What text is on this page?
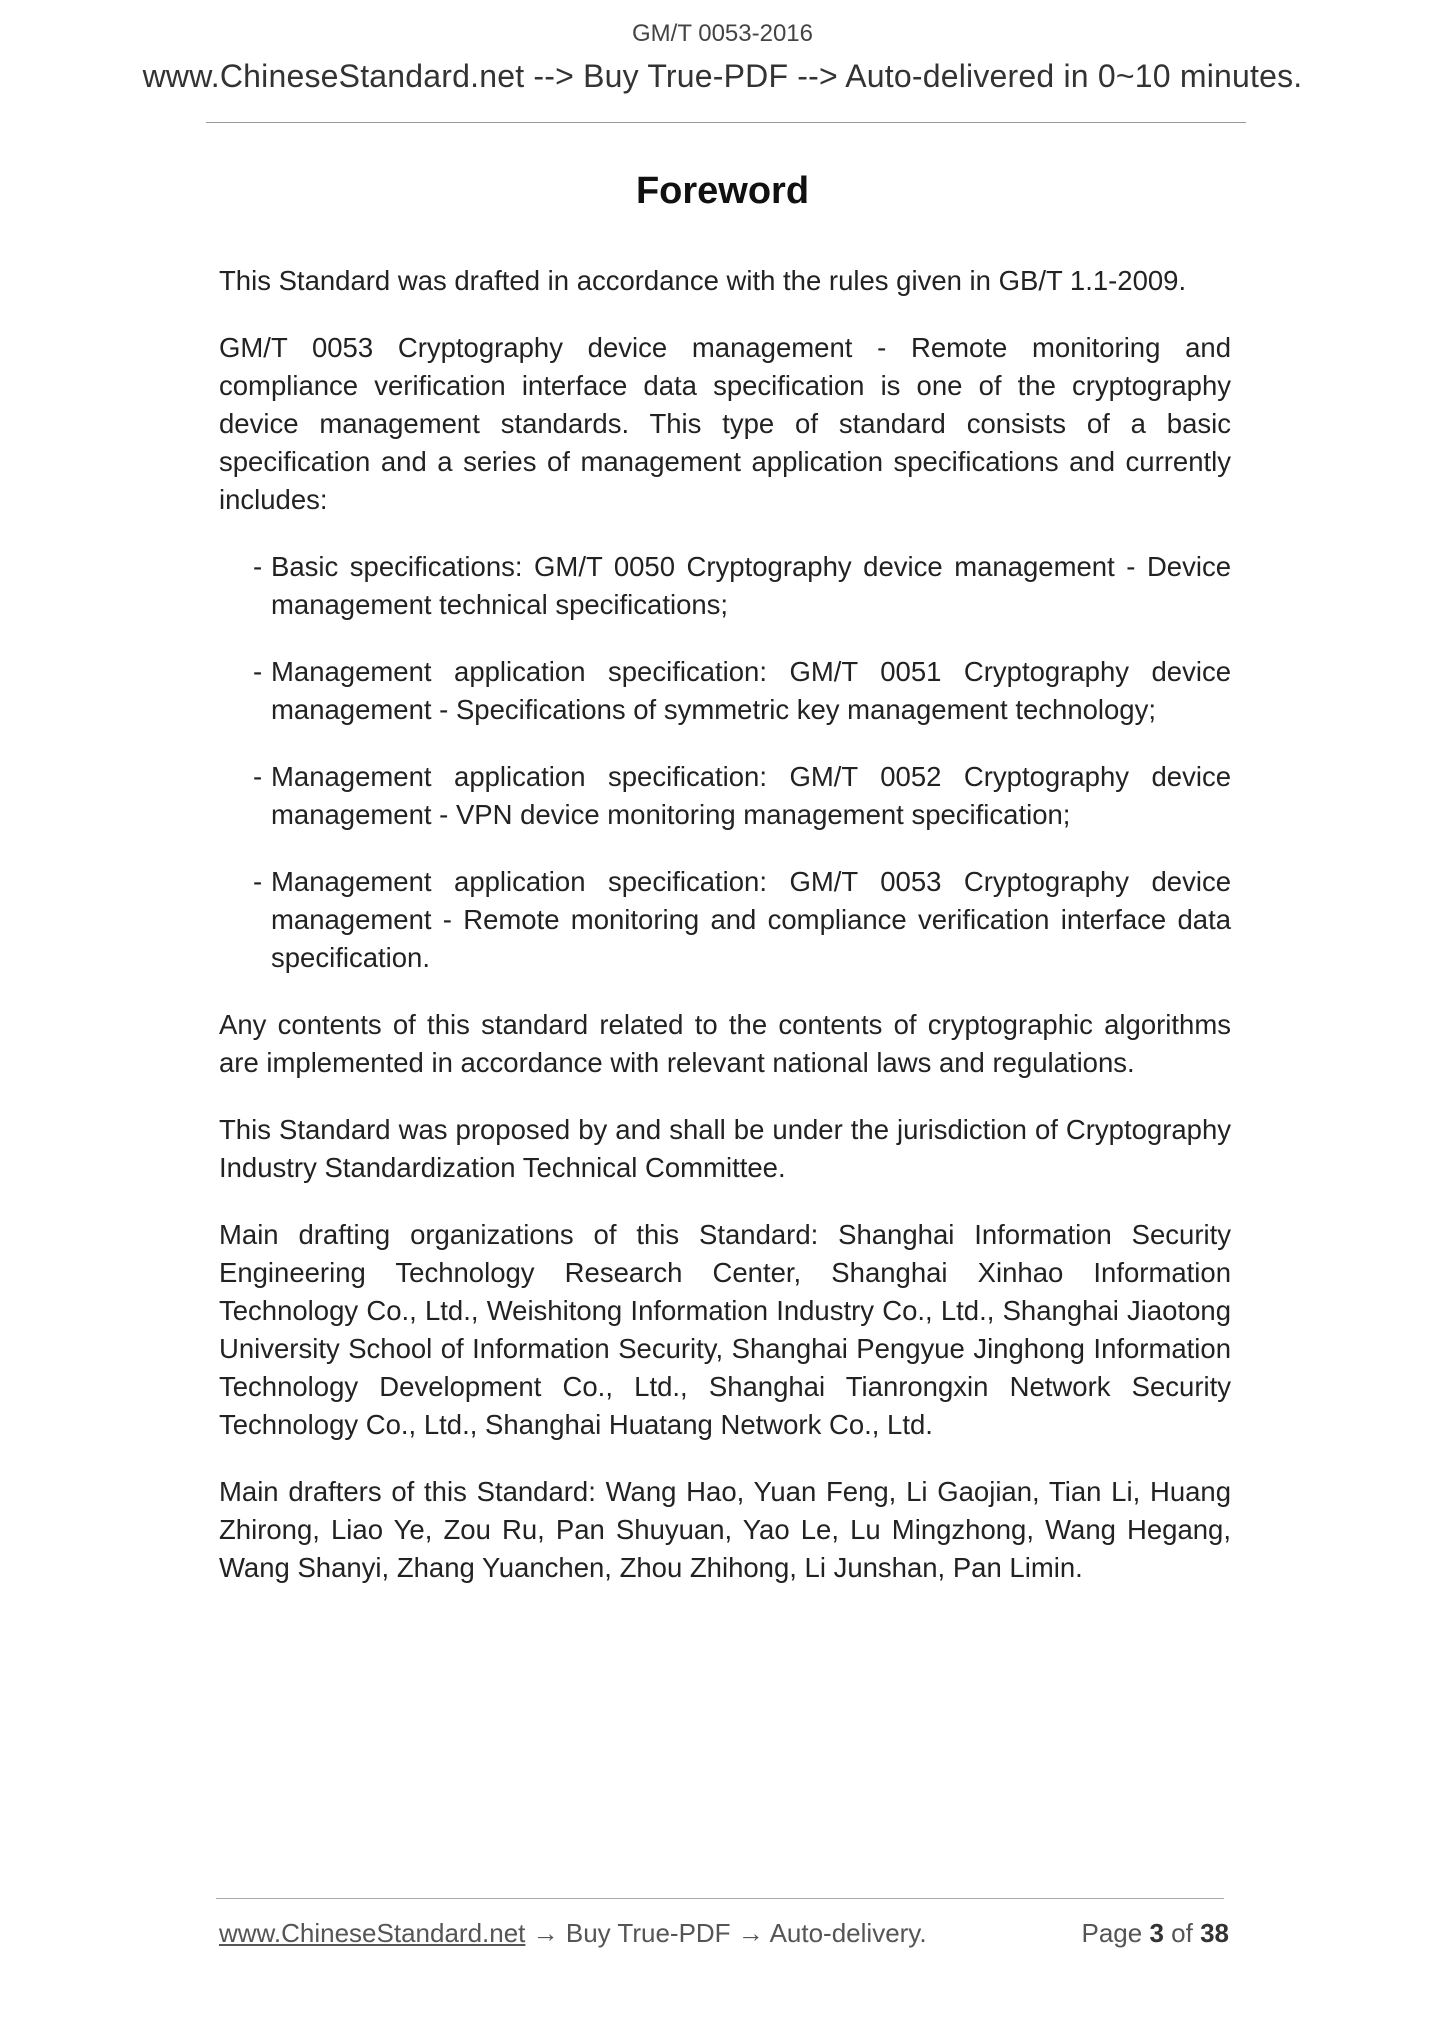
www.ChineseStandard.net --> Buy True-PDF --> Auto-delivered in 0~10 minutes.
GM/T 0053-2016
Foreword

This Standard was drafted in accordance with the rules given in GB/T 1.1-2009.

GM/T 0053 Cryptography device management - Remote monitoring and compliance verification interface data specification is one of the cryptography device management standards. This type of standard consists of a basic specification and a series of management application specifications and currently includes:

- Basic specifications: GM/T 0050 Cryptography device management - Device management technical specifications;
- Management application specification: GM/T 0051 Cryptography device management - Specifications of symmetric key management technology;
- Management application specification: GM/T 0052 Cryptography device management - VPN device monitoring management specification;
- Management application specification: GM/T 0053 Cryptography device management - Remote monitoring and compliance verification interface data specification.

Any contents of this standard related to the contents of cryptographic algorithms are implemented in accordance with relevant national laws and regulations.

This Standard was proposed by and shall be under the jurisdiction of Cryptography Industry Standardization Technical Committee.

Main drafting organizations of this Standard: Shanghai Information Security Engineering Technology Research Center, Shanghai Xinhao Information Technology Co., Ltd., Weishitong Information Industry Co., Ltd., Shanghai Jiaotong University School of Information Security, Shanghai Pengyue Jinghong Information Technology Development Co., Ltd., Shanghai Tianrongxin Network Security Technology Co., Ltd., Shanghai Huatang Network Co., Ltd.

Main drafters of this Standard: Wang Hao, Yuan Feng, Li Gaojian, Tian Li, Huang Zhirong, Liao Ye, Zou Ru, Pan Shuyuan, Yao Le, Lu Mingzhong, Wang Hegang, Wang Shanyi, Zhang Yuanchen, Zhou Zhihong, Li Junshan, Pan Limin.

www.ChineseStandard.net → Buy True-PDF → Auto-delivery.	Page 3 of 38
